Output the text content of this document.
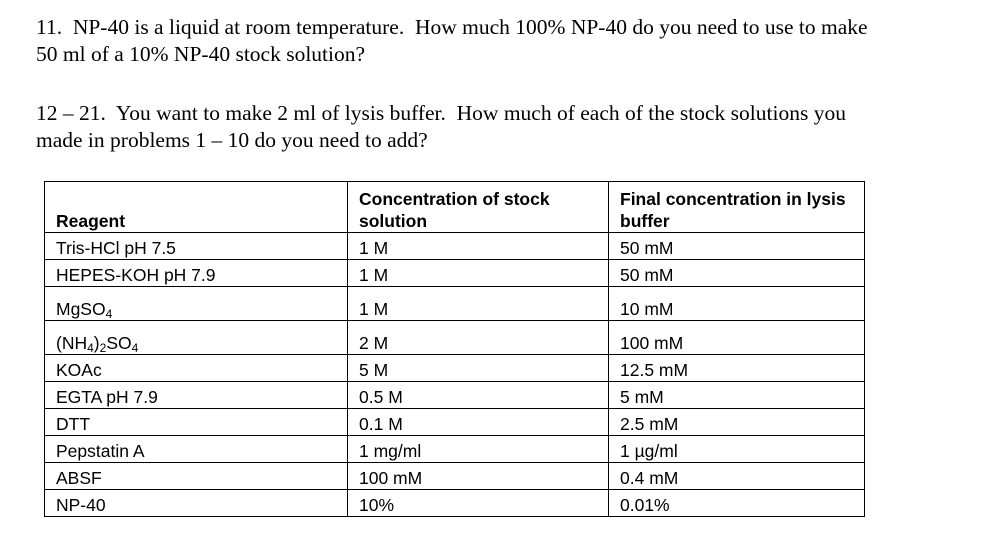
11.  NP-40 is a liquid at room temperature.  How much 100% NP-40 do you need to use to make
50 ml of a 10% NP-40 stock solution?
12 – 21.  You want to make 2 ml of lysis buffer.  How much of each of the stock solutions you
made in problems 1 – 10 do you need to add?
Reagent	Concentration of stock solution	Final concentration in lysis buffer
Tris-HCl pH 7.5	1 M	50 mM
HEPES-KOH pH 7.9	1 M	50 mM
MgSO$_4$	1 M	10 mM
$(NH_4)_2SO_4$	2 M	100 mM
KOAc	5 M	12.5 mM
EGTA pH 7.9	0.5 M	5 mM
DTT	0.1 M	2.5 mM
Pepstatin A	1 mg/ml	1 µg/ml
ABSF	100 mM	0.4 mM
NP-40	10%	0.01%
